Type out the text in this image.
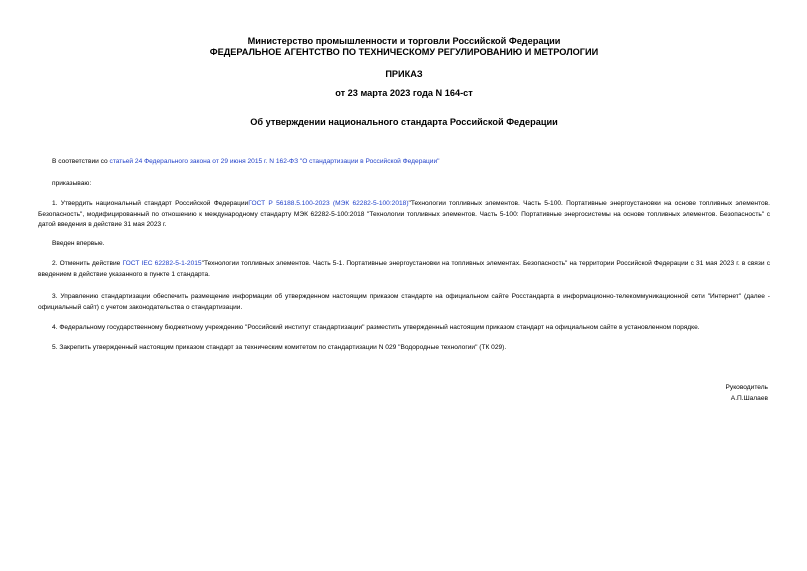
Министерство промышленности и торговли Российской Федерации
ФЕДЕРАЛЬНОЕ АГЕНТСТВО ПО ТЕХНИЧЕСКОМУ РЕГУЛИРОВАНИЮ И МЕТРОЛОГИИ
ПРИКАЗ
от 23 марта 2023 года N 164-ст
Об утверждении национального стандарта Российской Федерации
В соответствии со статьей 24 Федерального закона от 29 июня 2015 г. N 162-ФЗ "О стандартизации в Российской Федерации"
приказываю:
1. Утвердить национальный стандарт Российской ФедерацииГОСТ Р 56188.5.100-2023 (МЭК 62282-5-100:2018)"Технологии топливных элементов. Часть 5-100. Портативные энергоустановки на основе топливных элементов. Безопасность", модифицированный по отношению к международному стандарту МЭК 62282-5-100:2018 "Технологии топливных элементов. Часть 5-100: Портативные энергосистемы на основе топливных элементов. Безопасность" с датой введения в действие 31 мая 2023 г.
Введен впервые.
2. Отменить действие ГОСТ IEC 62282-5-1-2015"Технологии топливных элементов. Часть 5-1. Портативные энергоустановки на топливных элементах. Безопасность" на территории Российской Федерации с 31 мая 2023 г. в связи с введением в действие указанного в пункте 1 стандарта.
3. Управлению стандартизации обеспечить размещение информации об утвержденном настоящим приказом стандарте на официальном сайте Росстандарта в информационно-телекоммуникационной сети "Интернет" (далее - официальный сайт) с учетом законодательства о стандартизации.
4. Федеральному государственному бюджетному учреждению "Российский институт стандартизации" разместить утвержденный настоящим приказом стандарт на официальном сайте в установленном порядке.
5. Закрепить утвержденный настоящим приказом стандарт за техническим комитетом по стандартизации N 029 "Водородные технологии" (ТК 029).
Руководитель
А.П.Шалаев
